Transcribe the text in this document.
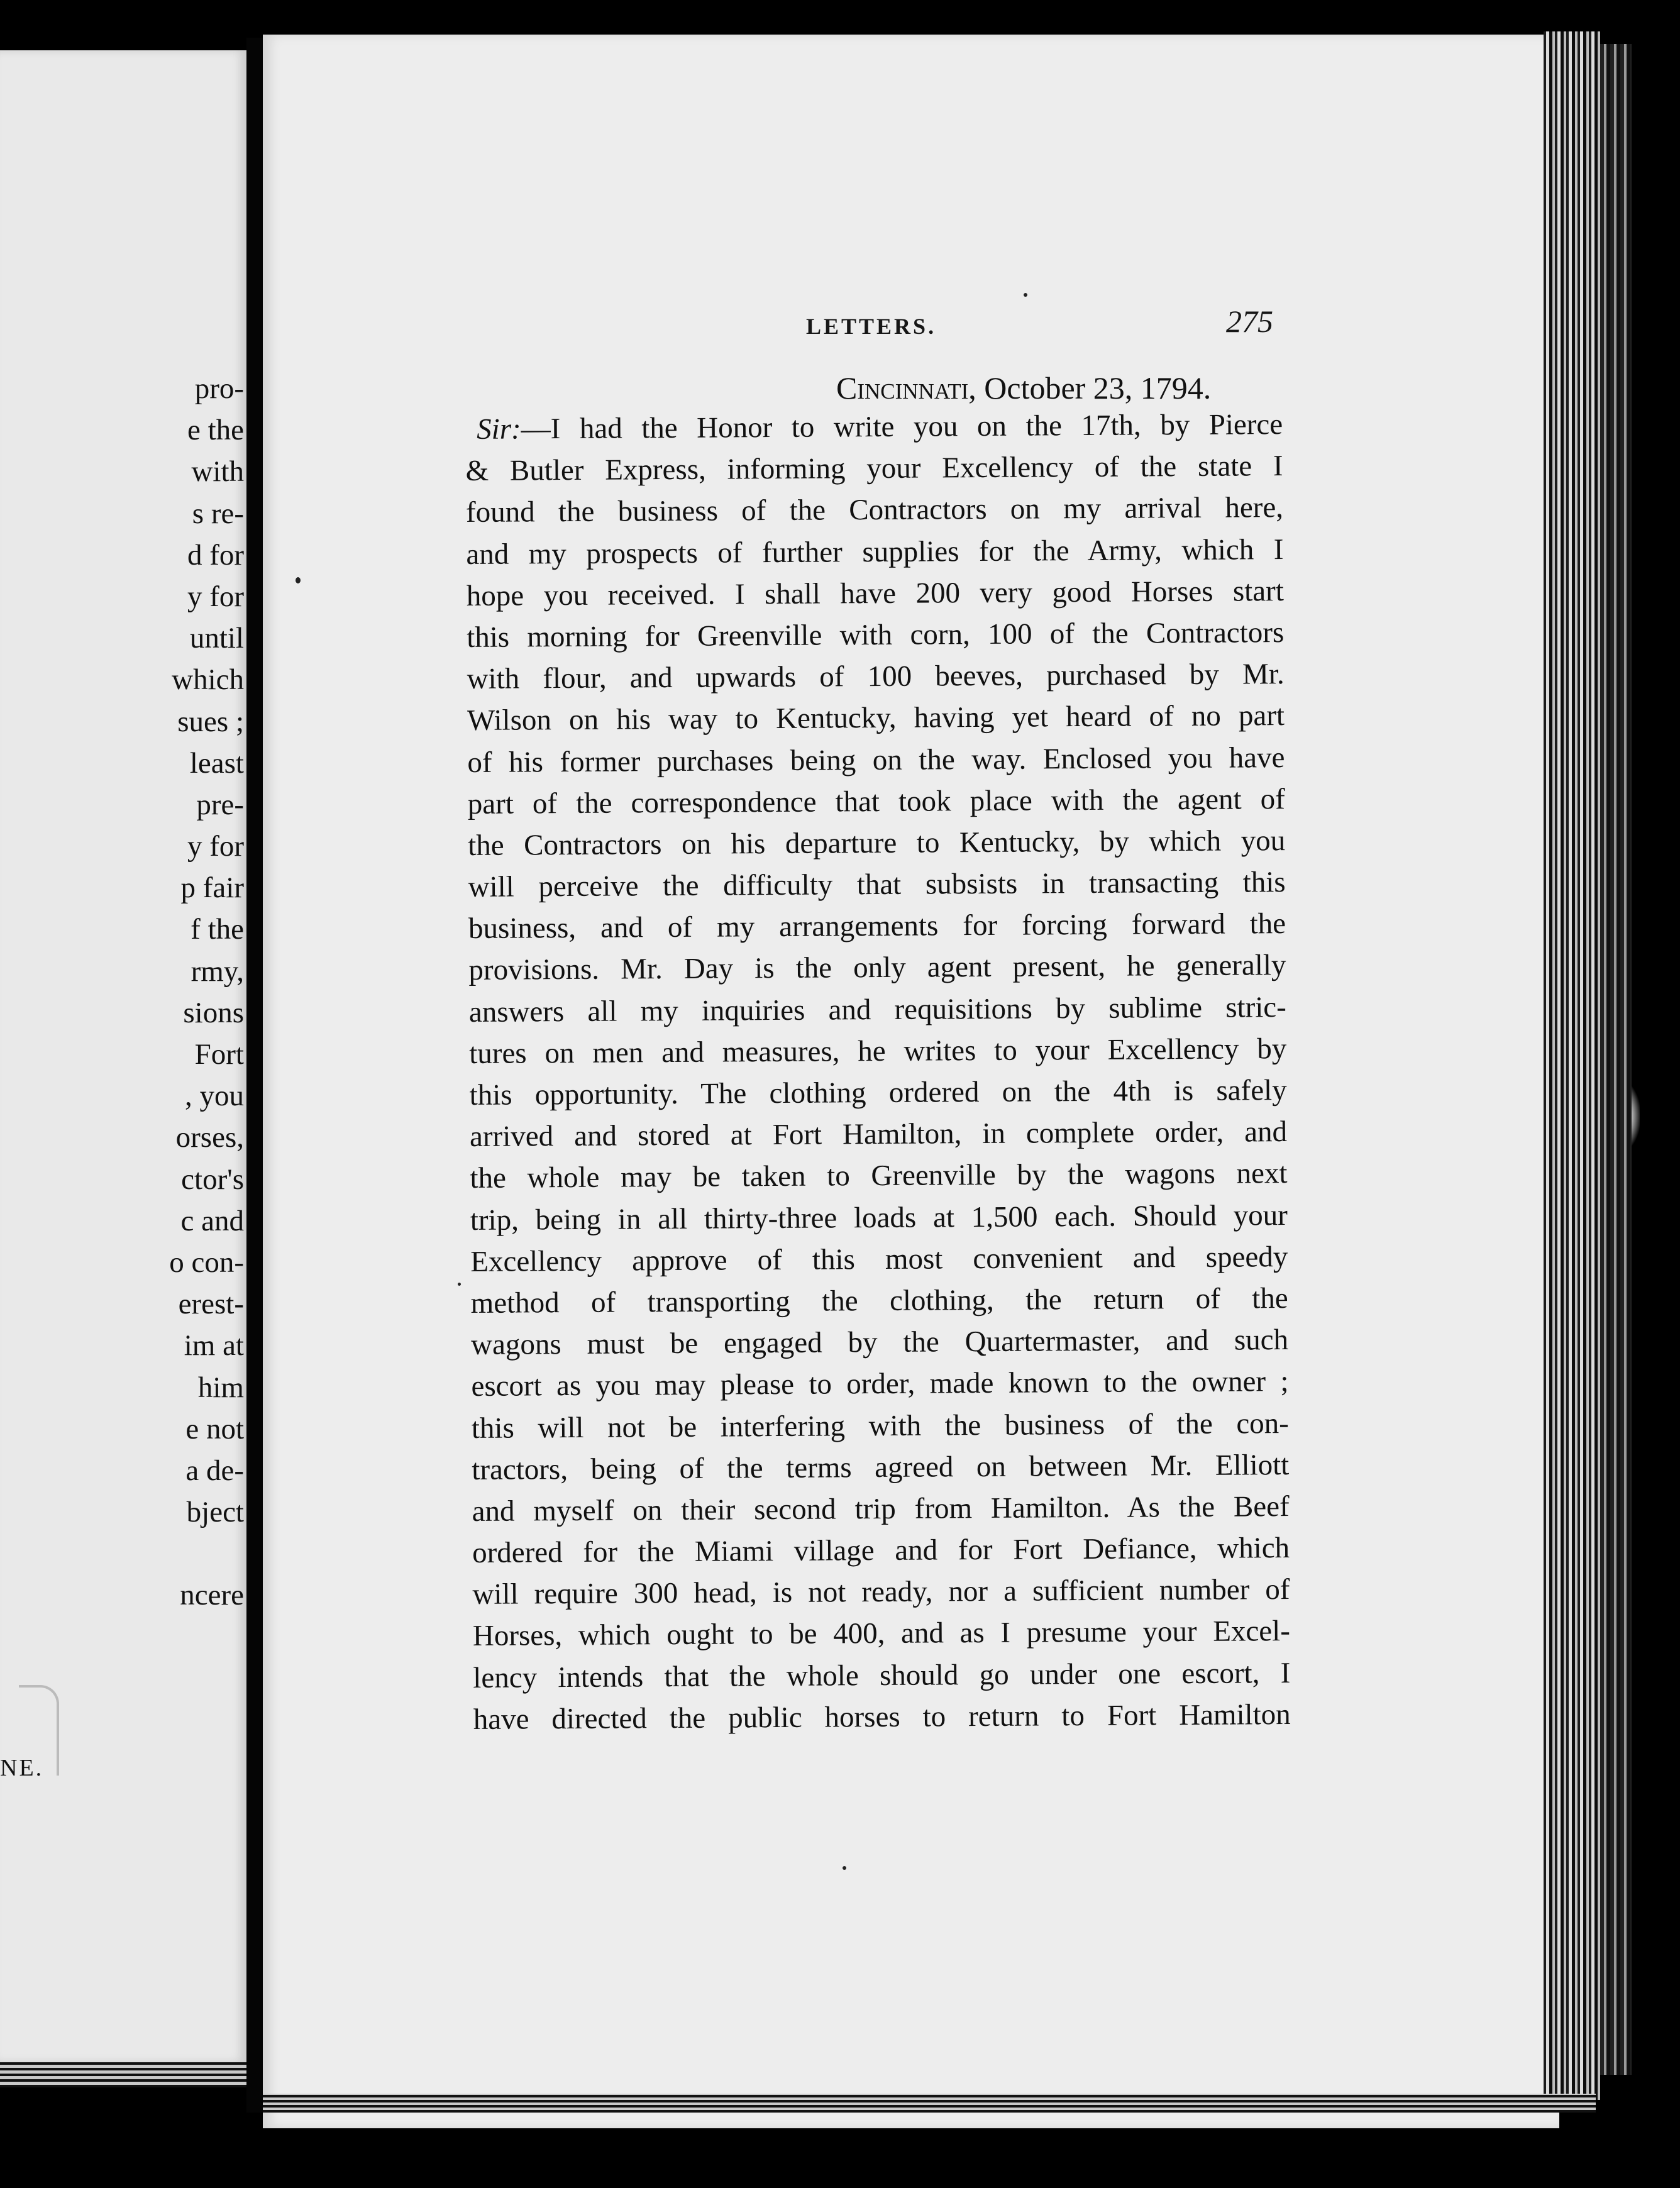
pro-
e the
with
s re-
d for
y for
until
which
sues ;
least
pre-
y for
p fair
f the
rmy,
sions
Fort
, you
orses,
ctor's
c and
o con-
erest-
im at
him
e not
a de-
bject
ncere
NE.
LETTERS.	275
Cincinnati, October 23, 1794.
Sir:—I had the Honor to write you on the 17th, by Pierce
& Butler Express, informing your Excellency of the state I
found the business of the Contractors on my arrival here,
and my prospects of further supplies for the Army, which I
hope you received. I shall have 200 very good Horses start
this morning for Greenville with corn, 100 of the Contractors
with flour, and upwards of 100 beeves, purchased by Mr.
Wilson on his way to Kentucky, having yet heard of no part
of his former purchases being on the way. Enclosed you have
part of the correspondence that took place with the agent of
the Contractors on his departure to Kentucky, by which you
will perceive the difficulty that subsists in transacting this
business, and of my arrangements for forcing forward the
provisions. Mr. Day is the only agent present, he generally
answers all my inquiries and requisitions by sublime stric-
tures on men and measures, he writes to your Excellency by
this opportunity. The clothing ordered on the 4th is safely
arrived and stored at Fort Hamilton, in complete order, and
the whole may be taken to Greenville by the wagons next
trip, being in all thirty-three loads at 1,500 each. Should your
Excellency approve of this most convenient and speedy
method of transporting the clothing, the return of the
wagons must be engaged by the Quartermaster, and such
escort as you may please to order, made known to the owner ;
this will not be interfering with the business of the con-
tractors, being of the terms agreed on between Mr. Elliott
and myself on their second trip from Hamilton. As the Beef
ordered for the Miami village and for Fort Defiance, which
will require 300 head, is not ready, nor a sufficient number of
Horses, which ought to be 400, and as I presume your Excel-
lency intends that the whole should go under one escort, I
have directed the public horses to return to Fort Hamilton
